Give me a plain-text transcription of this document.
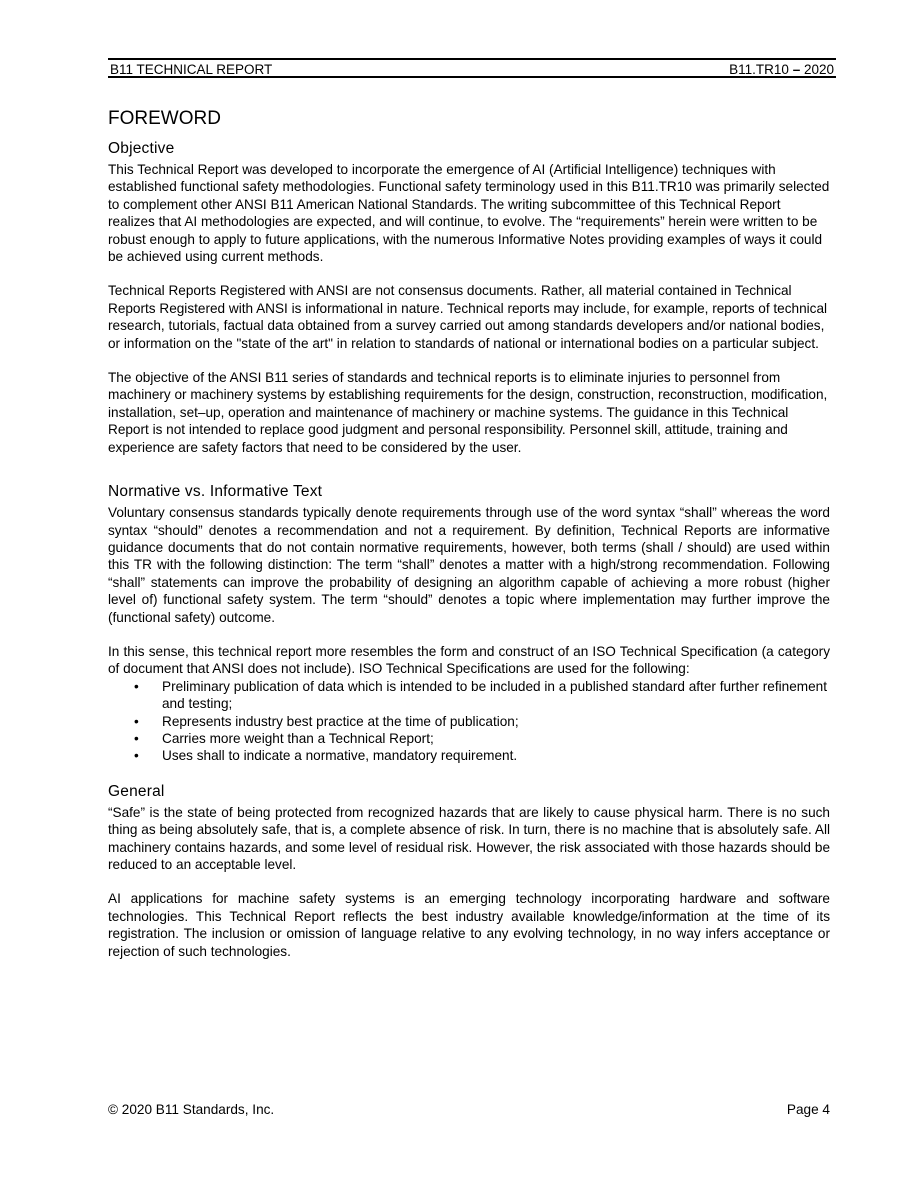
B11 TECHNICAL REPORT	B11.TR10 – 2020
FOREWORD
Objective

This Technical Report was developed to incorporate the emergence of AI (Artificial Intelligence) techniques with established functional safety methodologies. Functional safety terminology used in this B11.TR10 was primarily selected to complement other ANSI B11 American National Standards. The writing subcommittee of this Technical Report realizes that AI methodologies are expected, and will continue, to evolve. The “requirements” herein were written to be robust enough to apply to future applications, with the numerous Informative Notes providing examples of ways it could be achieved using current methods.

Technical Reports Registered with ANSI are not consensus documents. Rather, all material contained in Technical Reports Registered with ANSI is informational in nature. Technical reports may include, for example, reports of technical research, tutorials, factual data obtained from a survey carried out among standards developers and/or national bodies, or information on the "state of the art" in relation to standards of national or international bodies on a particular subject.

The objective of the ANSI B11 series of standards and technical reports is to eliminate injuries to personnel from machinery or machinery systems by establishing requirements for the design, construction, reconstruction, modification, installation, set–up, operation and maintenance of machinery or machine systems. The guidance in this Technical Report is not intended to replace good judgment and personal responsibility. Personnel skill, attitude, training and experience are safety factors that need to be considered by the user.

Normative vs. Informative Text

Voluntary consensus standards typically denote requirements through use of the word syntax “shall” whereas the word syntax “should” denotes a recommendation and not a requirement. By definition, Technical Reports are informative guidance documents that do not contain normative requirements, however, both terms (shall / should) are used within this TR with the following distinction: The term “shall” denotes a matter with a high/strong recommendation. Following “shall” statements can improve the probability of designing an algorithm capable of achieving a more robust (higher level of) functional safety system. The term “should” denotes a topic where implementation may further improve the (functional safety) outcome.

In this sense, this technical report more resembles the form and construct of an ISO Technical Specification (a category of document that ANSI does not include). ISO Technical Specifications are used for the following:

• Preliminary publication of data which is intended to be included in a published standard after further refinement and testing;
• Represents industry best practice at the time of publication;
• Carries more weight than a Technical Report;
• Uses shall to indicate a normative, mandatory requirement.
General

“Safe” is the state of being protected from recognized hazards that are likely to cause physical harm. There is no such thing as being absolutely safe, that is, a complete absence of risk. In turn, there is no machine that is absolutely safe. All machinery contains hazards, and some level of residual risk. However, the risk associated with those hazards should be reduced to an acceptable level.

AI applications for machine safety systems is an emerging technology incorporating hardware and software technologies. This Technical Report reflects the best industry available knowledge/information at the time of its registration. The inclusion or omission of language relative to any evolving technology, in no way infers acceptance or rejection of such technologies.

© 2020 B11 Standards, Inc.	Page 4
